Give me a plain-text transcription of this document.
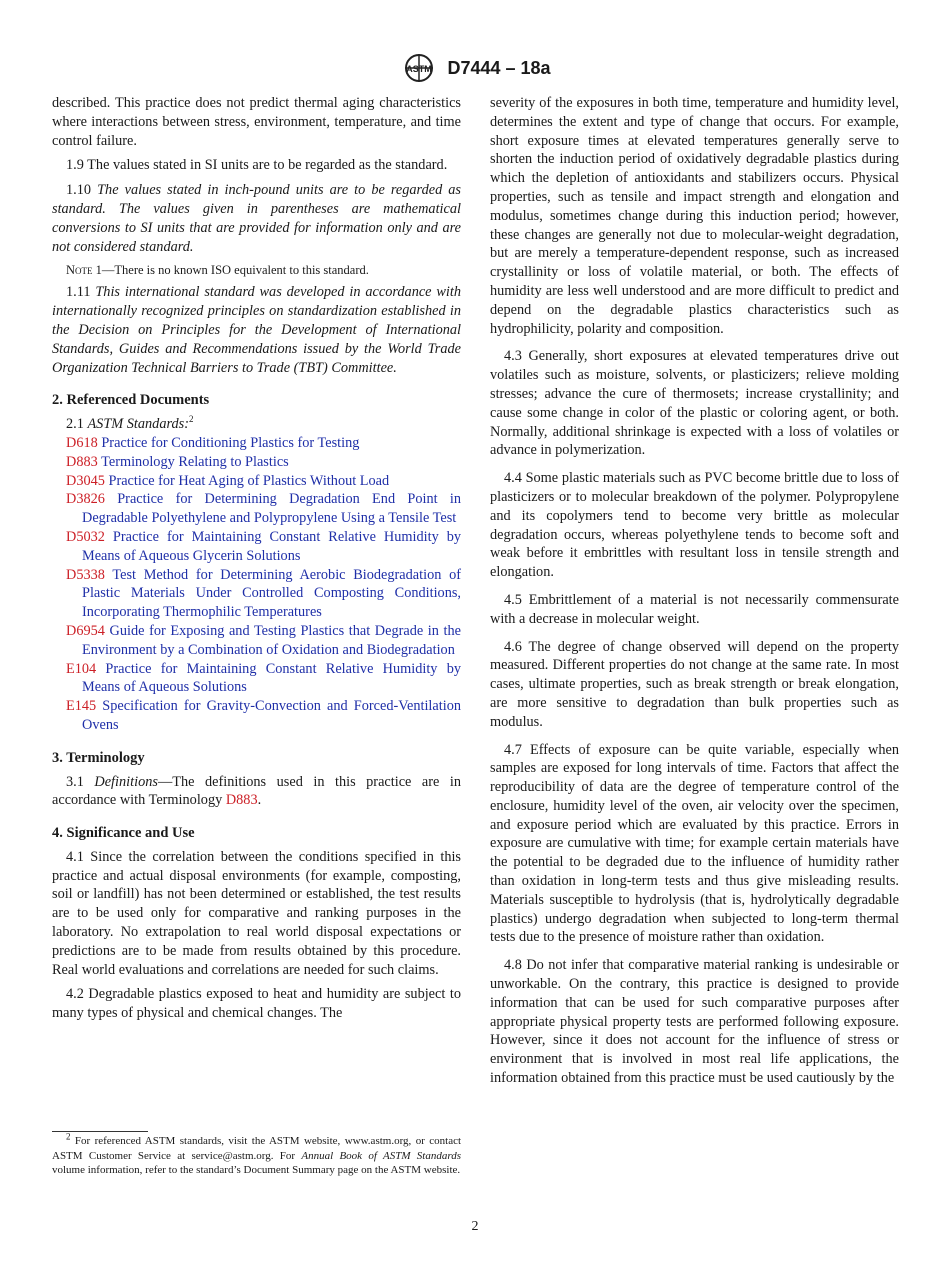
ASTM D7444 – 18a

described. This practice does not predict thermal aging characteristics where interactions between stress, environment, temperature, and time control failure.

1.9 The values stated in SI units are to be regarded as the standard.

1.10 The values stated in inch-pound units are to be regarded as standard. The values given in parentheses are mathematical conversions to SI units that are provided for information only and are not considered standard.

Note 1—There is no known ISO equivalent to this standard.

1.11 This international standard was developed in accordance with internationally recognized principles on standardization established in the Decision on Principles for the Development of International Standards, Guides and Recommendations issued by the World Trade Organization Technical Barriers to Trade (TBT) Committee.

2. Referenced Documents

2.1 ASTM Standards:$^2$

D618 Practice for Conditioning Plastics for Testing

D883 Terminology Relating to Plastics

D3045 Practice for Heat Aging of Plastics Without Load

D3826 Practice for Determining Degradation End Point in Degradable Polyethylene and Polypropylene Using a Tensile Test

D5032 Practice for Maintaining Constant Relative Humidity by Means of Aqueous Glycerin Solutions

D5338 Test Method for Determining Aerobic Biodegradation of Plastic Materials Under Controlled Composting Conditions, Incorporating Thermophilic Temperatures

D6954 Guide for Exposing and Testing Plastics that Degrade in the Environment by a Combination of Oxidation and Biodegradation

E104 Practice for Maintaining Constant Relative Humidity by Means of Aqueous Solutions

E145 Specification for Gravity-Convection and Forced-Ventilation Ovens

3. Terminology

3.1 Definitions—The definitions used in this practice are in accordance with Terminology D883.

4. Significance and Use

4.1 Since the correlation between the conditions specified in this practice and actual disposal environments (for example, composting, soil or landfill) has not been determined or established, the test results are to be used only for comparative and ranking purposes in the laboratory. No extrapolation to real world disposal expectations or predictions are to be made from results obtained by this procedure. Real world evaluations and correlations are needed for such claims.

4.2 Degradable plastics exposed to heat and humidity are subject to many types of physical and chemical changes. The

$^2$ For referenced ASTM standards, visit the ASTM website, www.astm.org, or contact ASTM Customer Service at service@astm.org. For Annual Book of ASTM Standards volume information, refer to the standard’s Document Summary page on the ASTM website.

severity of the exposures in both time, temperature and humidity level, determines the extent and type of change that occurs. For example, short exposure times at elevated temperatures generally serve to shorten the induction period of oxidatively degradable plastics during which the depletion of antioxidants and stabilizers occurs. Physical properties, such as tensile and impact strength and elongation and modulus, sometimes change during this induction period; however, these changes are generally not due to molecular-weight degradation, but are merely a temperature-dependent response, such as increased crystallinity or loss of volatile material, or both. The effects of humidity are less well understood and are more difficult to predict and depend on the degradable plastics characteristics such as hydrophilicity, polarity and composition.

4.3 Generally, short exposures at elevated temperatures drive out volatiles such as moisture, solvents, or plasticizers; relieve molding stresses; advance the cure of thermosets; increase crystallinity; and cause some change in color of the plastic or coloring agent, or both. Normally, additional shrinkage is expected with a loss of volatiles or advance in polymerization.

4.4 Some plastic materials such as PVC become brittle due to loss of plasticizers or to molecular breakdown of the polymer. Polypropylene and its copolymers tend to become very brittle as molecular degradation occurs, whereas polyethylene tends to become soft and weak before it embrittles with resultant loss in tensile strength and elongation.

4.5 Embrittlement of a material is not necessarily commensurate with a decrease in molecular weight.

4.6 The degree of change observed will depend on the property measured. Different properties do not change at the same rate. In most cases, ultimate properties, such as break strength or break elongation, are more sensitive to degradation than bulk properties such as modulus.

4.7 Effects of exposure can be quite variable, especially when samples are exposed for long intervals of time. Factors that affect the reproducibility of data are the degree of temperature control of the enclosure, humidity level of the oven, air velocity over the specimen, and exposure period which are evaluated by this practice. Errors in exposure are cumulative with time; for example certain materials have the potential to be degraded due to the influence of humidity rather than oxidation in long-term tests and thus give misleading results. Materials susceptible to hydrolysis (that is, hydrolytically degradable plastics) undergo degradation when subjected to long-term thermal tests due to the presence of moisture rather than oxidation.

4.8 Do not infer that comparative material ranking is undesirable or unworkable. On the contrary, this practice is designed to provide information that can be used for such comparative purposes after appropriate physical property tests are performed following exposure. However, since it does not account for the influence of stress or environment that is involved in most real life applications, the information obtained from this practice must be used cautiously by the

2
